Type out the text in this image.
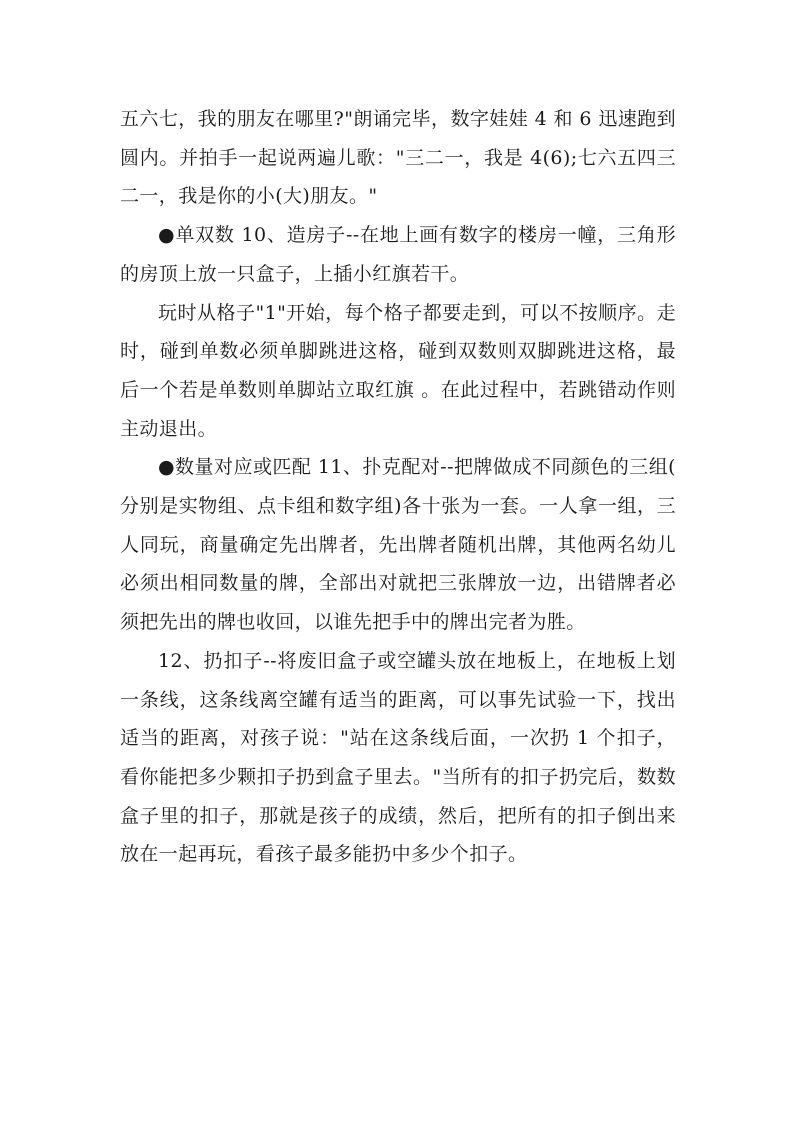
五六七，我的朋友在哪里?"朗诵完毕，数字娃娃 4 和 6 迅速跑到圆内。并拍手一起说两遍儿歌："三二一，我是 4(6);七六五四三二一，我是你的小(大)朋友。"

●单双数 10、造房子--在地上画有数字的楼房一幢，三角形的房顶上放一只盒子，上插小红旗若干。

玩时从格子"1"开始，每个格子都要走到，可以不按顺序。走时，碰到单数必须单脚跳进这格，碰到双数则双脚跳进这格，最后一个若是单数则单脚站立取红旗 。在此过程中，若跳错动作则主动退出。

●数量对应或匹配 11、扑克配对--把牌做成不同颜色的三组(分别是实物组、点卡组和数字组)各十张为一套。一人拿一组，三人同玩，商量确定先出牌者，先出牌者随机出牌，其他两名幼儿必须出相同数量的牌，全部出对就把三张牌放一边，出错牌者必须把先出的牌也收回，以谁先把手中的牌出完者为胜。

12、扔扣子--将废旧盒子或空罐头放在地板上，在地板上划一条线，这条线离空罐有适当的距离，可以事先试验一下，找出适当的距离，对孩子说："站在这条线后面，一次扔 1 个扣子，看你能把多少颗扣子扔到盒子里去。"当所有的扣子扔完后，数数盒子里的扣子，那就是孩子的成绩，然后，把所有的扣子倒出来放在一起再玩，看孩子最多能扔中多少个扣子。
